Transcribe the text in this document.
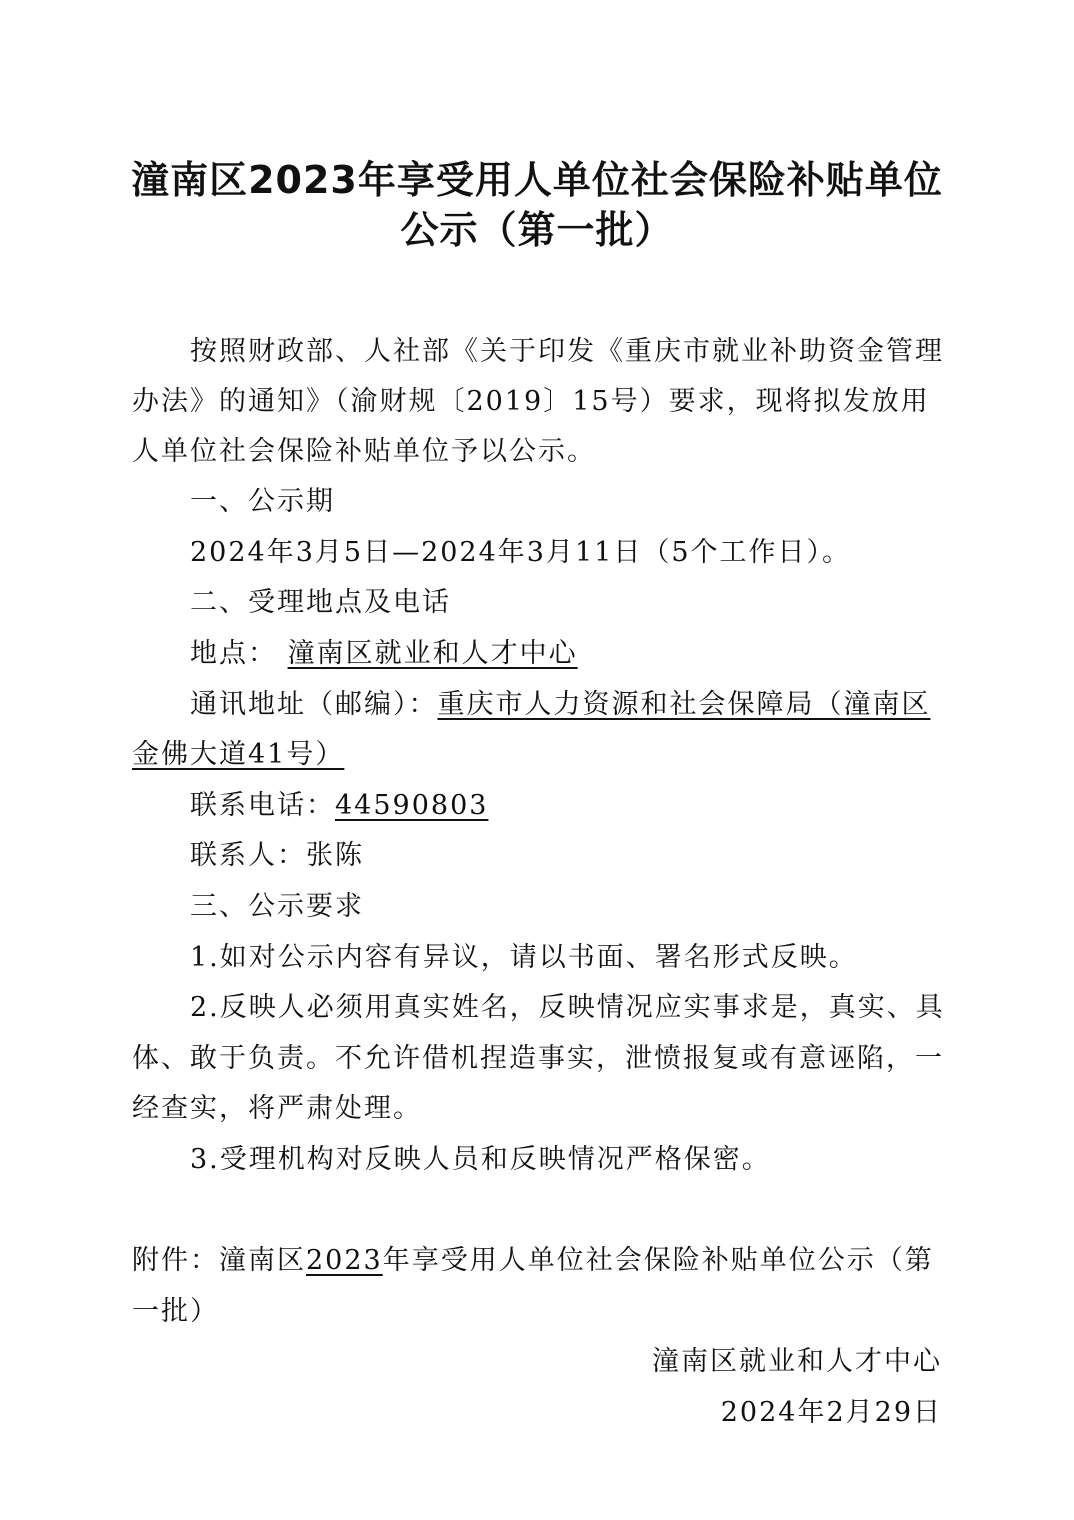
潼南区2023年享受用人单位社会保险补贴单位
公示（第一批）
按照财政部、人社部《关于印发《重庆市就业补助资金管理
办法》的通知》（渝财规〔2019〕15号）要求，现将拟发放用
人单位社会保险补贴单位予以公示。
一、公示期
2024年3月5日—2024年3月11日（5个工作日）。
二、受理地点及电话
地点： 潼南区就业和人才中心
通讯地址（邮编）：重庆市人力资源和社会保障局（潼南区
金佛大道41号）
联系电话：44590803
联系人：张陈
三、公示要求
1.如对公示内容有异议，请以书面、署名形式反映。
2.反映人必须用真实姓名，反映情况应实事求是，真实、具
体、敢于负责。不允许借机捏造事实，泄愤报复或有意诬陷，一
经查实，将严肃处理。
3.受理机构对反映人员和反映情况严格保密。
附件：潼南区2023年享受用人单位社会保险补贴单位公示（第
一批）
潼南区就业和人才中心
2024年2月29日
